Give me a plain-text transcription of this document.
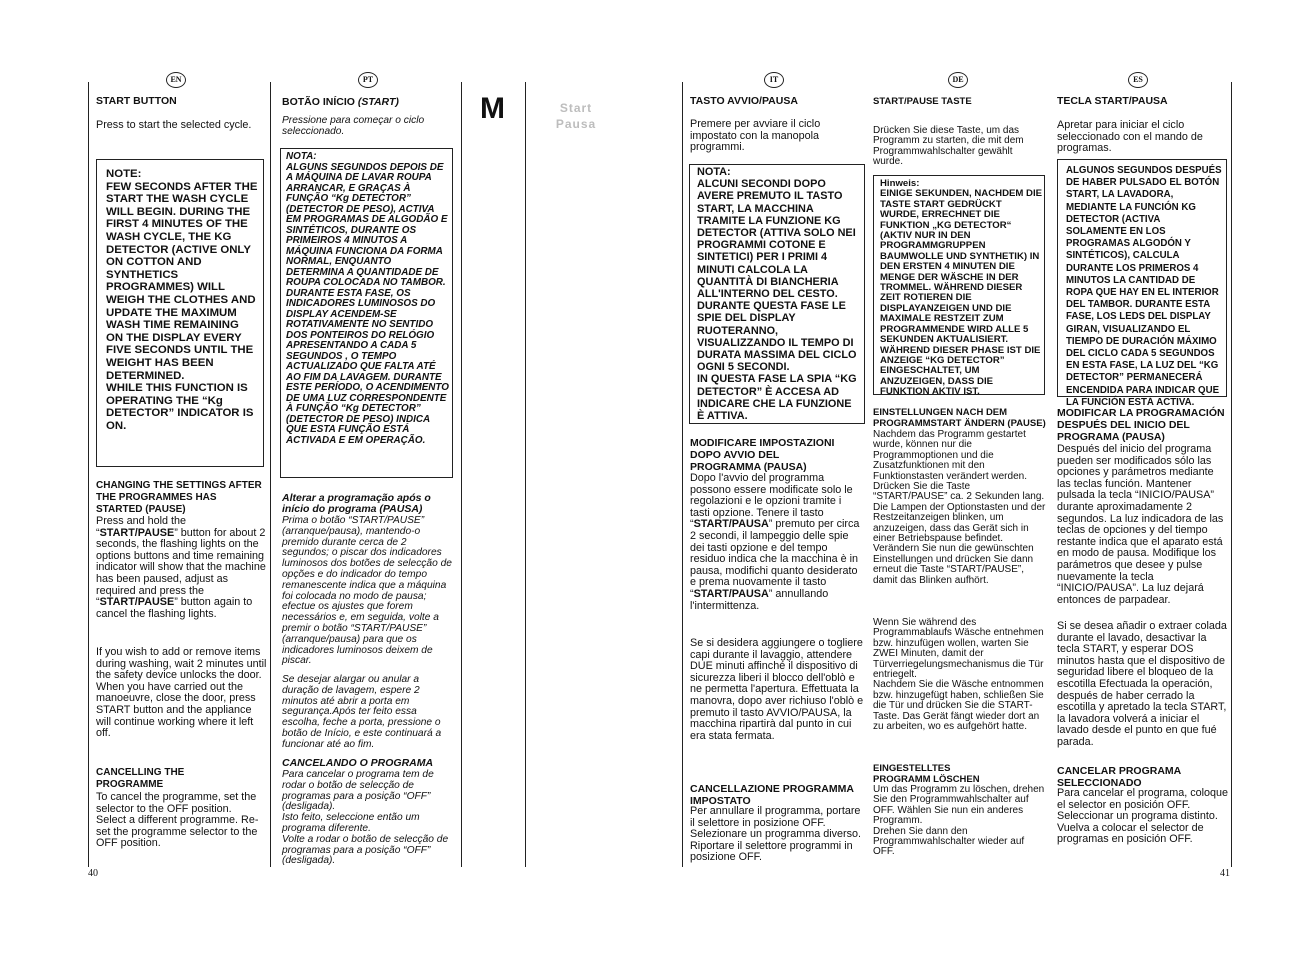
40	41
M	Start
Pausa
EN

START BUTTON

Press to start the selected cycle.

NOTE:
FEW SECONDS AFTER THE START THE WASH CYCLE WILL BEGIN. DURING THE FIRST 4 MINUTES OF THE WASH CYCLE, THE KG DETECTOR (ACTIVE ONLY ON COTTON AND SYNTHETICS PROGRAMMES) WILL WEIGH THE CLOTHES AND UPDATE THE MAXIMUM WASH TIME REMAINING ON THE DISPLAY EVERY FIVE SECONDS UNTIL THE WEIGHT HAS BEEN DETERMINED.
WHILE THIS FUNCTION IS OPERATING THE “Kg DETECTOR” INDICATOR IS ON.

CHANGING THE SETTINGS AFTER THE PROGRAMMES HAS STARTED (PAUSE)

Press and hold the “START/PAUSE” button for about 2 seconds, the flashing lights on the options buttons and time remaining indicator will show that the machine has been paused, adjust as required and press the “START/PAUSE” button again to cancel the flashing lights.

If you wish to add or remove items during washing, wait 2 minutes until the safety device unlocks the door.
When you have carried out the manoeuvre, close the door, press START button and the appliance will continue working where it left off.

CANCELLING THE PROGRAMME

To cancel the programme, set the selector to the OFF position.
Select a different programme. Re-set the programme selector to the OFF position.

PT

BOTÃO INÍCIO (START)

Pressione para começar o ciclo seleccionado.

NOTA:
ALGUNS SEGUNDOS DEPOIS DE A MÁQUINA DE LAVAR ROUPA ARRANCAR, E GRAÇAS À FUNÇÃO “Kg DETECTOR” (DETECTOR DE PESO), ACTIVA EM PROGRAMAS DE ALGODÃO E SINTÉTICOS, DURANTE OS PRIMEIROS 4 MINUTOS A MÁQUINA FUNCIONA DA FORMA NORMAL, ENQUANTO DETERMINA A QUANTIDADE DE ROUPA COLOCADA NO TAMBOR.
DURANTE ESTA FASE, OS INDICADORES LUMINOSOS DO DISPLAY ACENDEM-SE ROTATIVAMENTE NO SENTIDO DOS PONTEIROS DO RELÓGIO APRESENTANDO A CADA 5 SEGUNDOS , O TEMPO ACTUALIZADO QUE FALTA ATÉ AO FIM DA LAVAGEM. DURANTE ESTE PERÍODO, O ACENDIMENTO DE UMA LUZ CORRESPONDENTE À FUNÇÃO “Kg DETECTOR” (DETECTOR DE PESO) INDICA QUE ESTA FUNÇÃO ESTÁ ACTIVADA E EM OPERAÇÃO.

Alterar a programação após o início do programa (PAUSA)

Prima o botão “START/PAUSE” (arranque/pausa), mantendo-o premido durante cerca de 2 segundos; o piscar dos indicadores luminosos dos botões de selecção de opções e do indicador do tempo remanescente indica que a máquina foi colocada no modo de pausa; efectue os ajustes que forem necessários e, em seguida, volte a premir o botão “START/PAUSE” (arranque/pausa) para que os indicadores luminosos deixem de piscar.

Se desejar alargar ou anular a duração de lavagem, espere 2 minutos até abrir a porta em segurança.Após ter feito essa escolha, feche a porta, pressione o botão de Início, e este continuará a funcionar até ao fim.

CANCELANDO O PROGRAMA

Para cancelar o programa tem de rodar o botão de selecção de programas para a posição “OFF” (desligada).
Isto feito, seleccione então um programa diferente.
Volte a rodar o botão de selecção de programas para a posição “OFF” (desligada).

IT

TASTO AVVIO/PAUSA

Premere per avviare il ciclo impostato con la manopola programmi.

NOTA:
ALCUNI SECONDI DOPO AVERE PREMUTO IL TASTO START, LA MACCHINA TRAMITE LA FUNZIONE KG DETECTOR (ATTIVA SOLO NEI PROGRAMMI COTONE E SINTETICI) PER I PRIMI 4 MINUTI CALCOLA LA QUANTITÀ DI BIANCHERIA ALL'INTERNO DEL CESTO.
DURANTE QUESTA FASE LE SPIE DEL DISPLAY RUOTERANNO, VISUALIZZANDO IL TEMPO DI DURATA MASSIMA DEL CICLO OGNI 5 SECONDI.
IN QUESTA FASE LA SPIA “KG DETECTOR” È ACCESA AD INDICARE CHE LA FUNZIONE È ATTIVA.

MODIFICARE IMPOSTAZIONI DOPO AVVIO DEL PROGRAMMA (PAUSA)

Dopo l'avvio del programma possono essere modificate solo le regolazioni e le opzioni tramite i tasti opzione. Tenere il tasto “START/PAUSA” premuto per circa 2 secondi, il lampeggio delle spie dei tasti opzione e del tempo residuo indica che la macchina è in pausa, modifichi quanto desiderato e prema nuovamente il tasto “START/PAUSA” annullando l'intermittenza.

Se si desidera aggiungere o togliere capi durante il lavaggio, attendere DUE minuti affinché il dispositivo di sicurezza liberi il blocco dell'oblò e ne permetta l'apertura. Effettuata la manovra, dopo aver richiuso l'oblò e premuto il tasto AVVIO/PAUSA, la macchina ripartirà dal punto in cui era stata fermata.

CANCELLAZIONE PROGRAMMA IMPOSTATO

Per annullare il programma, portare il selettore in posizione OFF. Selezionare un programma diverso. Riportare il selettore programmi in posizione OFF.

DE

START/PAUSE TASTE

Drücken Sie diese Taste, um das Programm zu starten, die mit dem Programmwahlschalter gewählt wurde.

Hinweis:
EINIGE SEKUNDEN, NACHDEM DIE TASTE START GEDRÜCKT WURDE, ERRECHNET DIE FUNKTION „KG DETECTOR“ (AKTIV NUR IN DEN PROGRAMMGRUPPEN BAUMWOLLE UND SYNTHETIK) IN DEN ERSTEN 4 MINUTEN DIE MENGE DER WÄSCHE IN DER TROMMEL. WÄHREND DIESER ZEIT ROTIEREN DIE DISPLAYANZEIGEN UND DIE MAXIMALE RESTZEIT ZUM PROGRAMMENDE WIRD ALLE 5 SEKUNDEN AKTUALISIERT. WÄHREND DIESER PHASE IST DIE ANZEIGE “KG DETECTOR” EINGESCHALTET, UM ANZUZEIGEN, DASS DIE FUNKTION AKTIV IST.

EINSTELLUNGEN NACH DEM PROGRAMMSTART ÄNDERN (PAUSE)

Nachdem das Programm gestartet wurde, können nur die Programmoptionen und die Zusatzfunktionen mit den Funktionstasten verändert werden. Drücken Sie die Taste “START/PAUSE” ca. 2 Sekunden lang. Die Lampen der Optionstasten und der Restzeitanzeigen blinken, um anzuzeigen, dass das Gerät sich in einer Betriebspause befindet. Verändern Sie nun die gewünschten Einstellungen und drücken Sie dann erneut die Taste “START/PAUSE”, damit das Blinken aufhört.

Wenn Sie während des Programmablaufs Wäsche entnehmen bzw. hinzufügen wollen, warten Sie ZWEI Minuten, damit der Türverriegelungsmechanismus die Tür entriegelt.
Nachdem Sie die Wäsche entnommen bzw. hinzugefügt haben, schließen Sie die Tür und drücken Sie die START-Taste. Das Gerät fängt wieder dort an zu arbeiten, wo es aufgehört hatte.

EINGESTELLTES PROGRAMM LÖSCHEN

Um das Programm zu löschen, drehen Sie den Programmwahlschalter auf OFF. Wählen Sie nun ein anderes Programm.
Drehen Sie dann den Programmwahlschalter wieder auf OFF.

ES

TECLA START/PAUSA

Apretar para iniciar el ciclo seleccionado con el mando de programas.

ALGUNOS SEGUNDOS DESPUÉS DE HABER PULSADO EL BOTÓN START, LA LAVADORA, MEDIANTE LA FUNCIÓN KG DETECTOR (ACTIVA SOLAMENTE EN LOS PROGRAMAS ALGODÓN Y SINTÉTICOS), CALCULA DURANTE LOS PRIMEROS 4 MINUTOS LA CANTIDAD DE ROPA QUE HAY EN EL INTERIOR DEL TAMBOR. DURANTE ESTA FASE, LOS LEDS DEL DISPLAY GIRAN, VISUALIZANDO EL TIEMPO DE DURACIÓN MÁXIMO DEL CICLO CADA 5 SEGUNDOS EN ESTA FASE, LA LUZ DEL “KG DETECTOR” PERMANECERÁ ENCENDIDA PARA INDICAR QUE LA FUNCIÓN ESTÁ ACTIVA.

MODIFICAR LA PROGRAMACIÓN DESPUÉS DEL INICIO DEL PROGRAMA (PAUSA)

Después del inicio del programa pueden ser modificados sólo las opciones y parámetros mediante las teclas función. Mantener pulsada la tecla “INICIO/PAUSA” durante aproximadamente 2 segundos. La luz indicadora de las teclas de opciones y del tiempo restante indica que el aparato está en modo de pausa. Modifique los parámetros que desee y pulse nuevamente la tecla “INICIO/PAUSA”. La luz dejará entonces de parpadear.

Si se desea añadir o extraer colada durante el lavado, desactivar la tecla START, y esperar DOS minutos hasta que el dispositivo de seguridad libere el bloqueo de la escotilla Efectuada la operación, después de haber cerrado la escotilla y apretado la tecla START, la lavadora volverá a iniciar el lavado desde el punto en que fué parada.

CANCELAR PROGRAMA SELECCIONADO

Para cancelar el programa, coloque el selector en posición OFF.
Seleccionar un programa distinto.
Vuelva a colocar el selector de programas en posición OFF.
